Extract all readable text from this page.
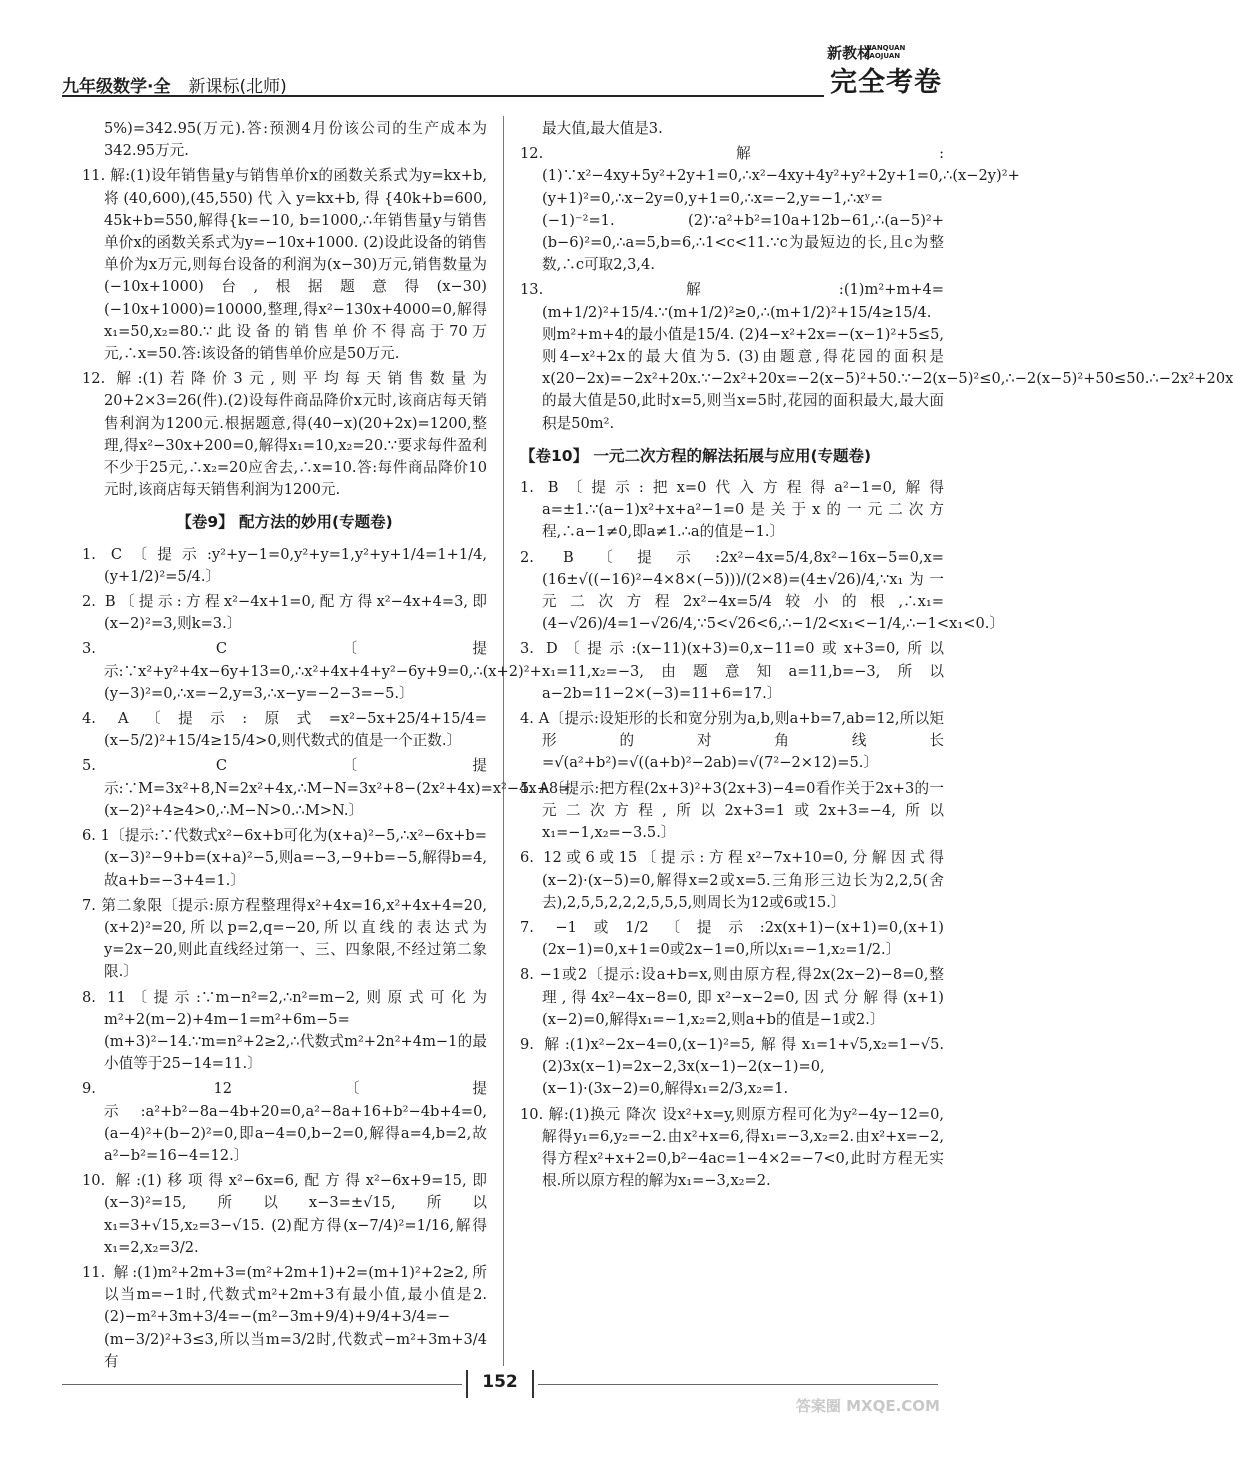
九年级数学·全 新课标(北师)
新教材
WANQUAN KAOJUAN
完全考卷
5%)=342.95(万元).答:预测4月份该公司的生产成本为342.95万元.
11. 解:(1)设年销售量y与销售单价x的函数关系式为y=kx+b,将(40,600),(45,550)代入y=kx+b,得{40k+b=600, 45k+b=550,解得{k=−10, b=1000,∴年销售量y与销售单价x的函数关系式为y=−10x+1000. (2)设此设备的销售单价为x万元,则每台设备的利润为(x−30)万元,销售数量为(−10x+1000)台,根据题意得(x−30)(−10x+1000)=10000,整理,得x²−130x+4000=0,解得x₁=50,x₂=80.∵此设备的销售单价不得高于70万元,∴x=50.答:该设备的销售单价应是50万元.
12. 解:(1)若降价3元,则平均每天销售数量为20+2×3=26(件).(2)设每件商品降价x元时,该商店每天销售利润为1200元.根据题意,得(40−x)(20+2x)=1200,整理,得x²−30x+200=0,解得x₁=10,x₂=20.∵要求每件盈利不少于25元,∴x₂=20应舍去,∴x=10.答:每件商品降价10元时,该商店每天销售利润为1200元.
【卷9】 配方法的妙用(专题卷)
1. C〔提示:y²+y−1=0,y²+y=1,y²+y+1/4=1+1/4,(y+1/2)²=5/4.〕
2. B〔提示:方程x²−4x+1=0,配方得x²−4x+4=3,即(x−2)²=3,则k=3.〕
3. C〔提示:∵x²+y²+4x−6y+13=0,∴x²+4x+4+y²−6y+9=0,∴(x+2)²+(y−3)²=0,∴x=−2,y=3,∴x−y=−2−3=−5.〕
4. A〔提示:原式=x²−5x+25/4+15/4=(x−5/2)²+15/4≥15/4>0,则代数式的值是一个正数.〕
5. C〔提示:∵M=3x²+8,N=2x²+4x,∴M−N=3x²+8−(2x²+4x)=x²−4x+8=(x−2)²+4≥4>0,∴M−N>0.∴M>N.〕
6. 1〔提示:∵代数式x²−6x+b可化为(x+a)²−5,∴x²−6x+b=(x−3)²−9+b=(x+a)²−5,则a=−3,−9+b=−5,解得b=4,故a+b=−3+4=1.〕
7. 第二象限〔提示:原方程整理得x²+4x=16,x²+4x+4=20,(x+2)²=20,所以p=2,q=−20,所以直线的表达式为y=2x−20,则此直线经过第一、三、四象限,不经过第二象限.〕
8. 11〔提示:∵m−n²=2,∴n²=m−2,则原式可化为m²+2(m−2)+4m−1=m²+6m−5=(m+3)²−14.∵m=n²+2≥2,∴代数式m²+2n²+4m−1的最小值等于25−14=11.〕
9. 12〔提示:a²+b²−8a−4b+20=0,a²−8a+16+b²−4b+4=0,(a−4)²+(b−2)²=0,即a−4=0,b−2=0,解得a=4,b=2,故a²−b²=16−4=12.〕
10. 解:(1)移项得x²−6x=6,配方得x²−6x+9=15,即(x−3)²=15,所以x−3=±√15,所以x₁=3+√15,x₂=3−√15. (2)配方得(x−7/4)²=1/16,解得x₁=2,x₂=3/2.
11. 解:(1)m²+2m+3=(m²+2m+1)+2=(m+1)²+2≥2,所以当m=−1时,代数式m²+2m+3有最小值,最小值是2. (2)−m²+3m+3/4=−(m²−3m+9/4)+9/4+3/4=−(m−3/2)²+3≤3,所以当m=3/2时,代数式−m²+3m+3/4有
最大值,最大值是3.
12. 解:(1)∵x²−4xy+5y²+2y+1=0,∴x²−4xy+4y²+y²+2y+1=0,∴(x−2y)²+(y+1)²=0,∴x−2y=0,y+1=0,∴x=−2,y=−1,∴xʸ=(−1)⁻²=1. (2)∵a²+b²=10a+12b−61,∴(a−5)²+(b−6)²=0,∴a=5,b=6,∴1<c<11.∵c为最短边的长,且c为整数,∴c可取2,3,4.
13. 解:(1)m²+m+4=(m+1/2)²+15/4.∵(m+1/2)²≥0,∴(m+1/2)²+15/4≥15/4.则m²+m+4的最小值是15/4. (2)4−x²+2x=−(x−1)²+5≤5,则4−x²+2x的最大值为5. (3)由题意,得花园的面积是x(20−2x)=−2x²+20x.∵−2x²+20x=−2(x−5)²+50.∵−2(x−5)²≤0,∴−2(x−5)²+50≤50.∴−2x²+20x的最大值是50,此时x=5,则当x=5时,花园的面积最大,最大面积是50m².
【卷10】 一元二次方程的解法拓展与应用(专题卷)
1. B〔提示:把x=0代入方程得a²−1=0,解得a=±1.∵(a−1)x²+x+a²−1=0是关于x的一元二次方程,∴a−1≠0,即a≠1.∴a的值是−1.〕
2. B〔提示:2x²−4x=5/4,8x²−16x−5=0,x=(16±√((−16)²−4×8×(−5)))/(2×8)=(4±√26)/4,∵x₁为一元二次方程2x²−4x=5/4较小的根,∴x₁=(4−√26)/4=1−√26/4,∵5<√26<6,∴−1/2<x₁<−1/4,∴−1<x₁<0.〕
3. D〔提示:(x−11)(x+3)=0,x−11=0或x+3=0,所以x₁=11,x₂=−3,由题意知a=11,b=−3,所以a−2b=11−2×(−3)=11+6=17.〕
4. A〔提示:设矩形的长和宽分别为a,b,则a+b=7,ab=12,所以矩形的对角线长=√(a²+b²)=√((a+b)²−2ab)=√(7²−2×12)=5.〕
5. A〔提示:把方程(2x+3)²+3(2x+3)−4=0看作关于2x+3的一元二次方程,所以2x+3=1或2x+3=−4,所以x₁=−1,x₂=−3.5.〕
6. 12或6或15〔提示:方程x²−7x+10=0,分解因式得(x−2)·(x−5)=0,解得x=2或x=5.三角形三边长为2,2,5(舍去),2,5,5,2,2,2,5,5,5,则周长为12或6或15.〕
7. −1或1/2〔提示:2x(x+1)−(x+1)=0,(x+1)(2x−1)=0,x+1=0或2x−1=0,所以x₁=−1,x₂=1/2.〕
8. −1或2〔提示:设a+b=x,则由原方程,得2x(2x−2)−8=0,整理,得4x²−4x−8=0,即x²−x−2=0,因式分解得(x+1)(x−2)=0,解得x₁=−1,x₂=2,则a+b的值是−1或2.〕
9. 解:(1)x²−2x−4=0,(x−1)²=5,解得x₁=1+√5,x₂=1−√5. (2)3x(x−1)=2x−2,3x(x−1)−2(x−1)=0,(x−1)·(3x−2)=0,解得x₁=2/3,x₂=1.
10. 解:(1)换元 降次 设x²+x=y,则原方程可化为y²−4y−12=0,解得y₁=6,y₂=−2.由x²+x=6,得x₁=−3,x₂=2.由x²+x=−2,得方程x²+x+2=0,b²−4ac=1−4×2=−7<0,此时方程无实根.所以原方程的解为x₁=−3,x₂=2.
152
答案圈 MXQE.COM
